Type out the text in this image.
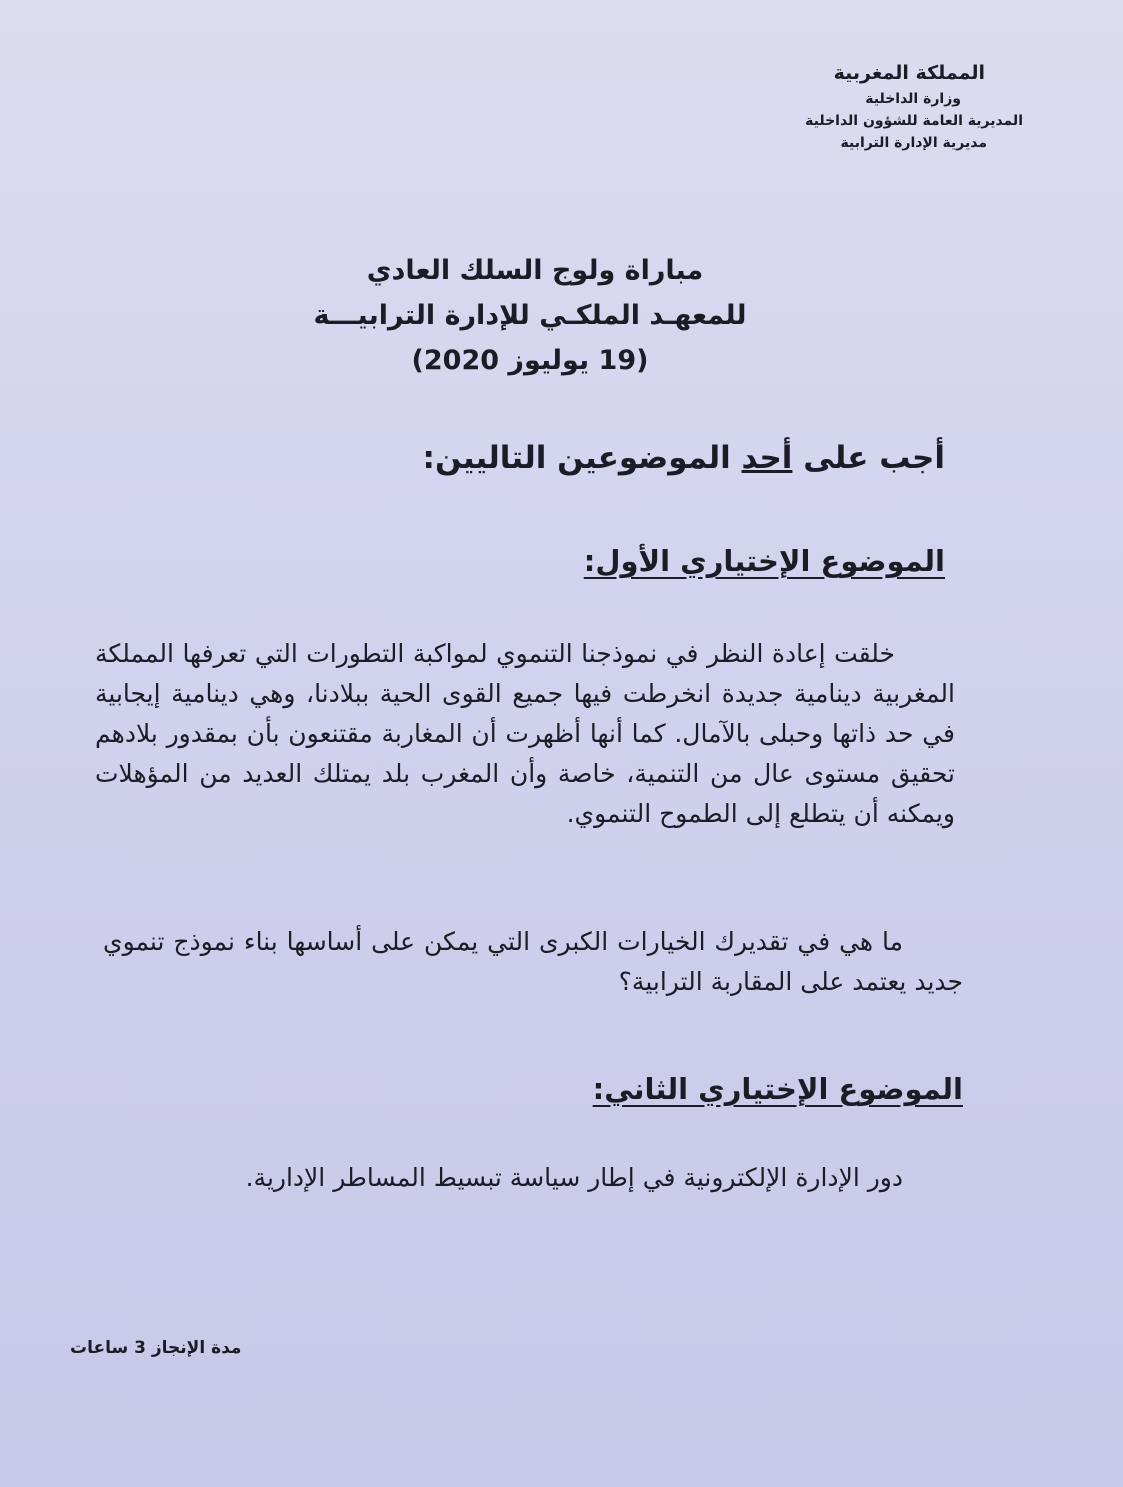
المملكة المغربية
وزارة الداخلية
المديرية العامة للشؤون الداخلية
مديرية الإدارة الترابية
مباراة ولوج السلك العادي
للمعهـد الملكـي للإدارة الترابيـــة
(19 يوليوز 2020)
أجب على أحد الموضوعين التاليين:
الموضوع الإختياري الأول:
خلقت إعادة النظر في نموذجنا التنموي لمواكبة التطورات التي تعرفها المملكة المغربية دينامية جديدة انخرطت فيها جميع القوى الحية ببلادنا، وهي دينامية إيجابية في حد ذاتها وحبلى بالآمال. كما أنها أظهرت أن المغاربة مقتنعون بأن بمقدور بلادهم تحقيق مستوى عال من التنمية، خاصة وأن المغرب بلد يمتلك العديد من المؤهلات ويمكنه أن يتطلع إلى الطموح التنموي.
ما هي في تقديرك الخيارات الكبرى التي يمكن على أساسها بناء نموذج تنموي جديد يعتمد على المقاربة الترابية؟
الموضوع الإختياري الثاني:
دور الإدارة الإلكترونية في إطار سياسة تبسيط المساطر الإدارية.
مدة الإنجاز 3 ساعات
